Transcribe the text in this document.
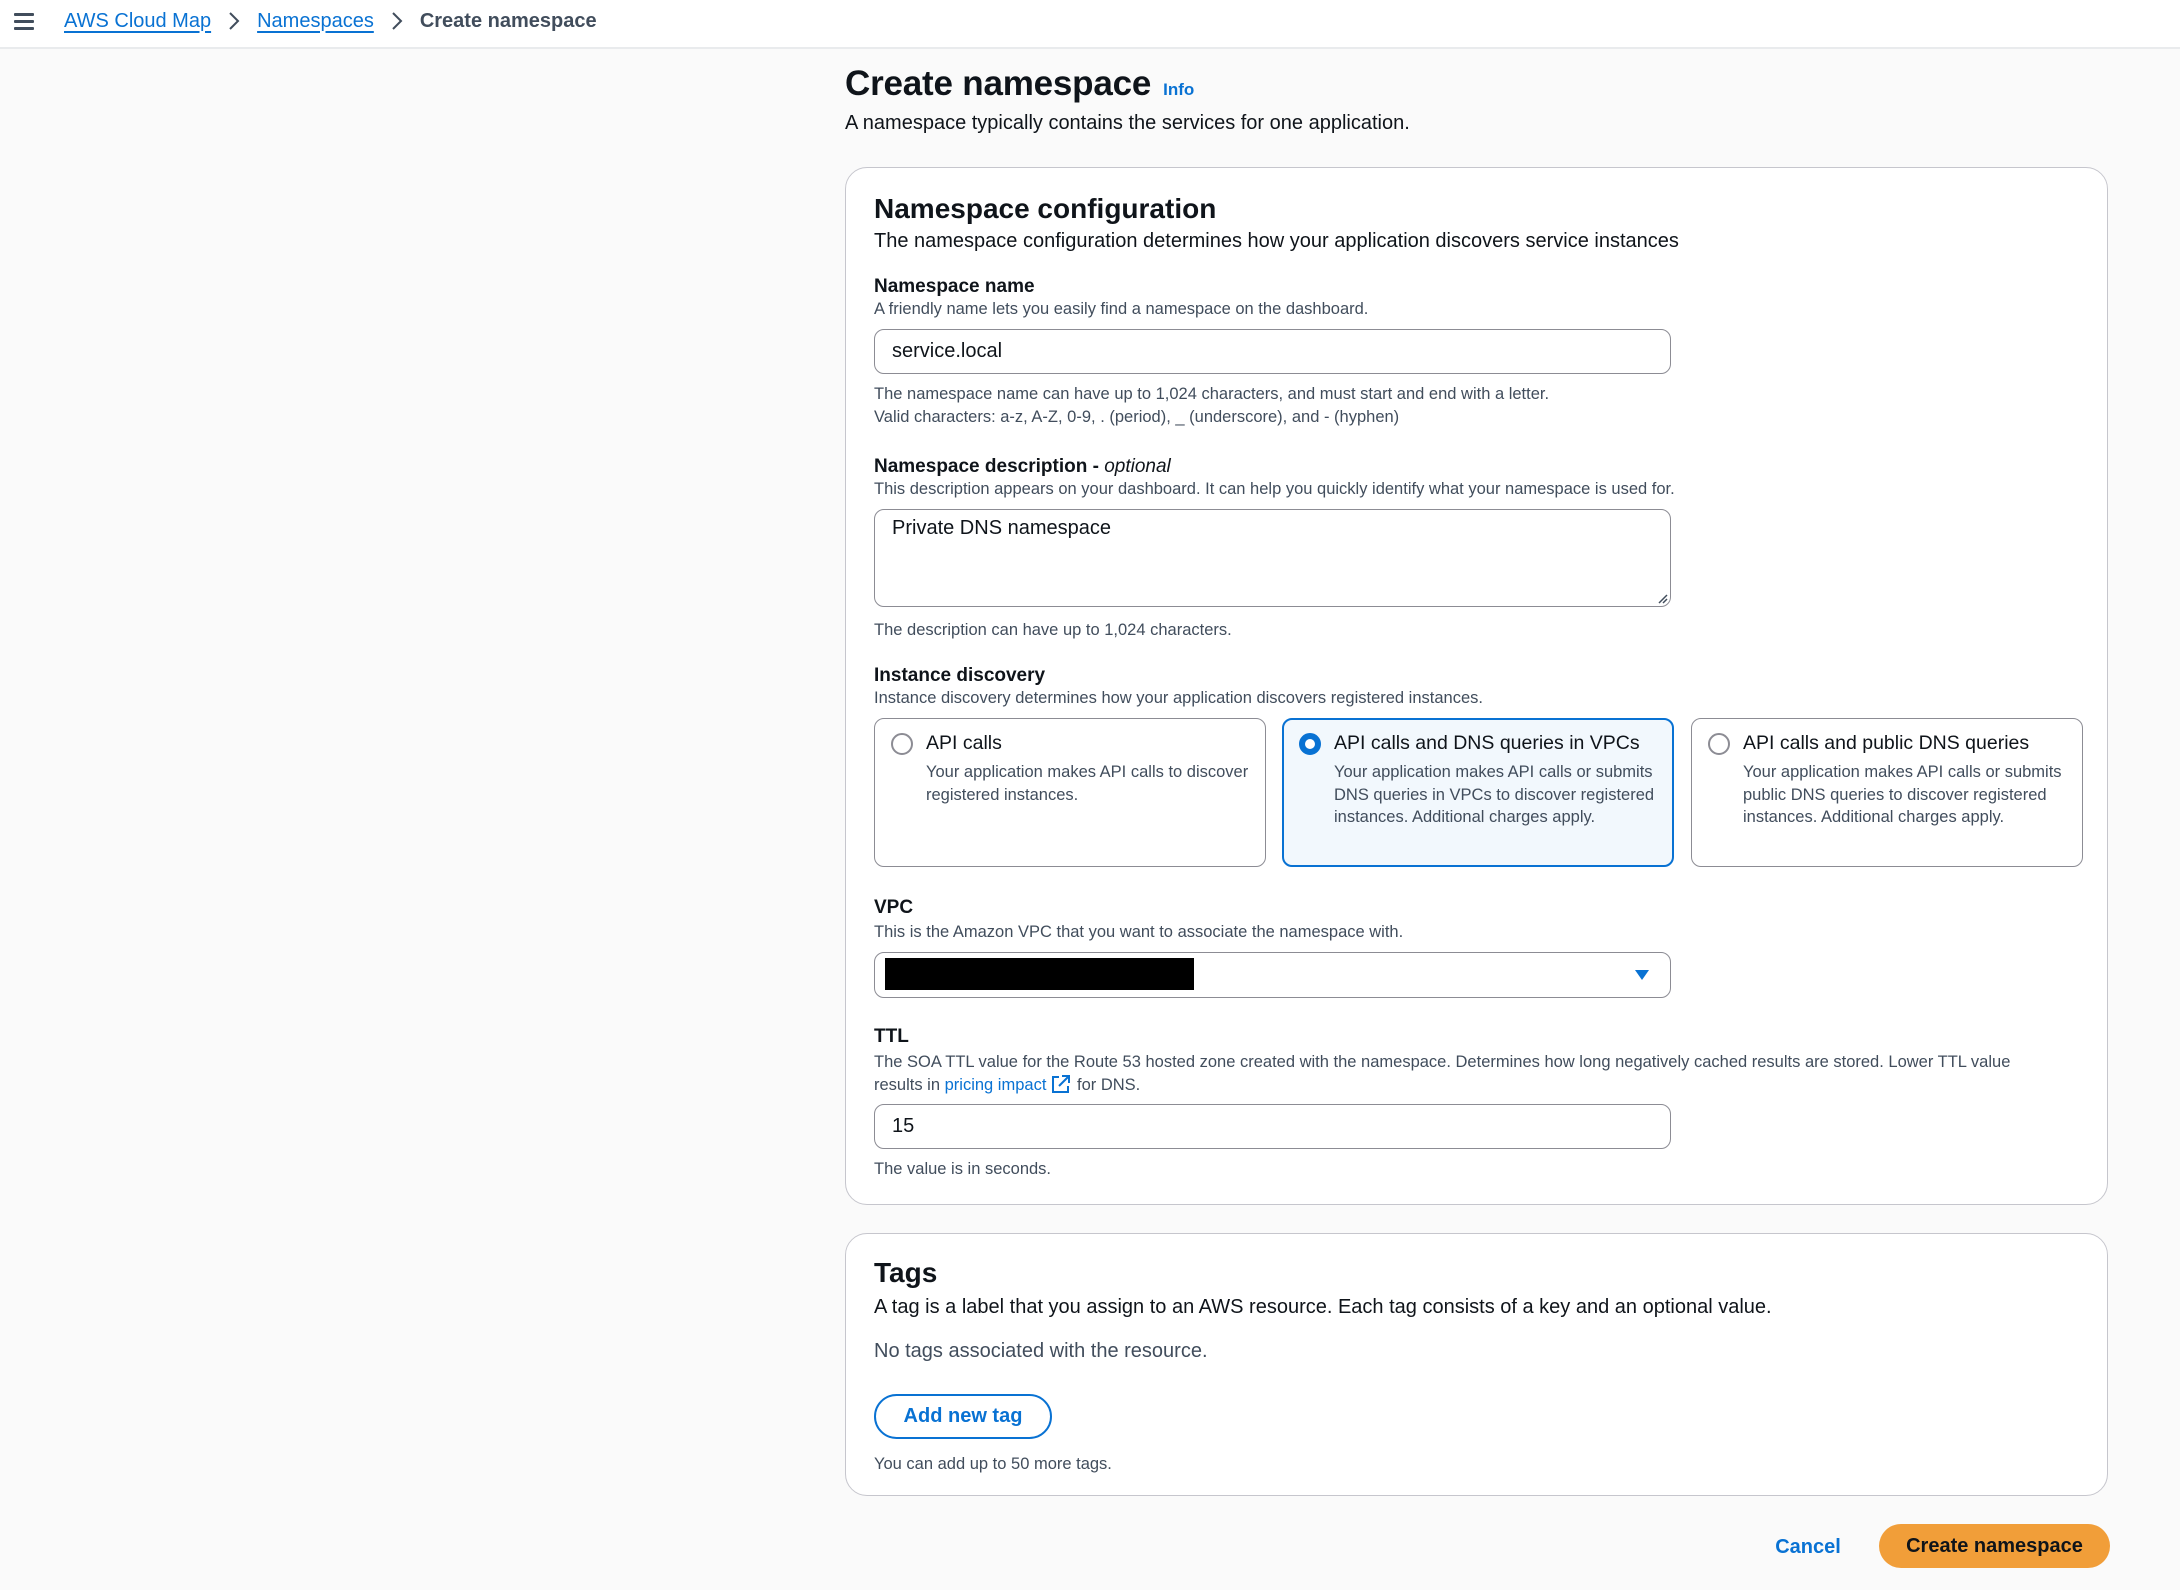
AWS Cloud Map Namespaces Create namespace
Create namespace Info
A namespace typically contains the services for one application.
Namespace configuration
The namespace configuration determines how your application discovers service instances
Namespace name
A friendly name lets you easily find a namespace on the dashboard.
service.local
The namespace name can have up to 1,024 characters, and must start and end with a letter.
Valid characters: a-z, A-Z, 0-9, . (period), _ (underscore), and - (hyphen)
Namespace description - optional
This description appears on your dashboard. It can help you quickly identify what your namespace is used for.
Private DNS namespace
The description can have up to 1,024 characters.
Instance discovery
Instance discovery determines how your application discovers registered instances.
API calls
Your application makes API calls to discover registered instances.
API calls and DNS queries in VPCs
Your application makes API calls or submits DNS queries in VPCs to discover registered instances. Additional charges apply.
API calls and public DNS queries
Your application makes API calls or submits public DNS queries to discover registered instances. Additional charges apply.
VPC
This is the Amazon VPC that you want to associate the namespace with.
TTL
The SOA TTL value for the Route 53 hosted zone created with the namespace. Determines how long negatively cached results are stored. Lower TTL value
results in pricing impact for DNS.
15
The value is in seconds.
Tags
A tag is a label that you assign to an AWS resource. Each tag consists of a key and an optional value.
No tags associated with the resource.
Add new tag
You can add up to 50 more tags.
Cancel	Create namespace
